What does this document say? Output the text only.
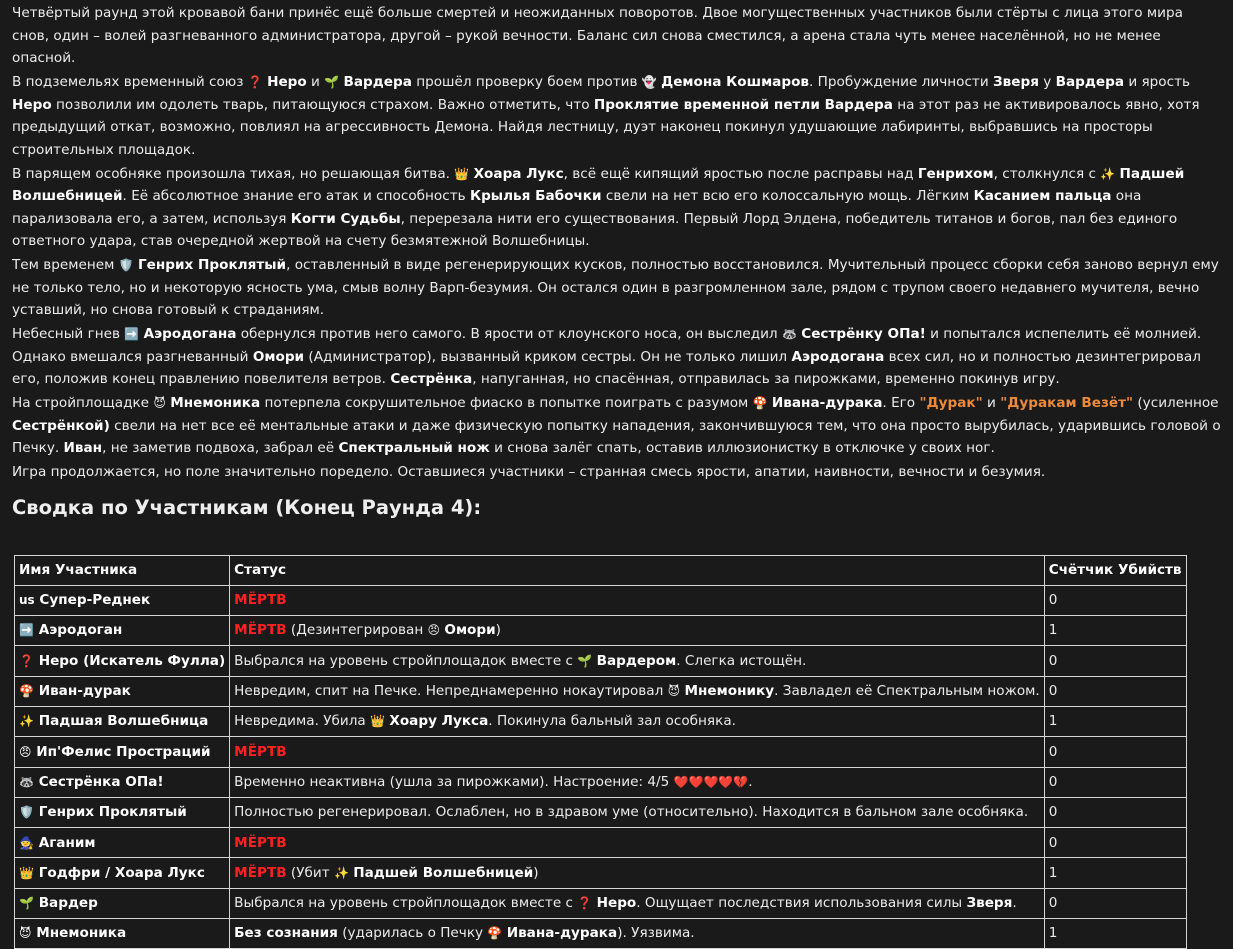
Четвёртый раунд этой кровавой бани принёс ещё больше смертей и неожиданных поворотов. Двое могущественных участников были стёрты с лица этого мира снов, один – волей разгневанного администратора, другой – рукой вечности. Баланс сил снова сместился, а арена стала чуть менее населённой, но не менее опасной.

В подземельях временный союз ❓ Неро и 🌱 Вардера прошёл проверку боем против 👻 Демона Кошмаров. Пробуждение личности Зверя у Вардера и ярость Неро позволили им одолеть тварь, питающуюся страхом. Важно отметить, что Проклятие временной петли Вардера на этот раз не активировалось явно, хотя предыдущий откат, возможно, повлиял на агрессивность Демона. Найдя лестницу, дуэт наконец покинул удушающие лабиринты, выбравшись на просторы строительных площадок.

В парящем особняке произошла тихая, но решающая битва. 👑 Хоара Лукс, всё ещё кипящий яростью после расправы над Генрихом, столкнулся с ✨ Падшей Волшебницей. Её абсолютное знание его атак и способность Крылья Бабочки свели на нет всю его колоссальную мощь. Лёгким Касанием пальца она парализовала его, а затем, используя Когти Судьбы, перерезала нити его существования. Первый Лорд Элдена, победитель титанов и богов, пал без единого ответного удара, став очередной жертвой на счету безмятежной Волшебницы.

Тем временем 🛡️ Генрих Проклятый, оставленный в виде регенерирующих кусков, полностью восстановился. Мучительный процесс сборки себя заново вернул ему не только тело, но и некоторую ясность ума, смыв волну Варп-безумия. Он остался один в разгромленном зале, рядом с трупом своего недавнего мучителя, вечно уставший, но снова готовый к страданиям.

Небесный гнев ➡️ Аэродогана обернулся против него самого. В ярости от клоунского носа, он выследил 🦝 Сестрёнку ОПа! и попытался испепелить её молнией. Однако вмешался разгневанный Омори (Администратор), вызванный криком сестры. Он не только лишил Аэродогана всех сил, но и полностью дезинтегрировал его, положив конец правлению повелителя ветров. Сестрёнка, напуганная, но спасённая, отправилась за пирожками, временно покинув игру.

На стройплощадке 😈 Мнемоника потерпела сокрушительное фиаско в попытке поиграть с разумом 🍄 Ивана-дурака. Его "Дурак" и "Дуракам Везёт" (усиленное Сестрёнкой) свели на нет все её ментальные атаки и даже физическую попытку нападения, закончившуюся тем, что она просто вырубилась, ударившись головой о Печку. Иван, не заметив подвоха, забрал её Спектральный нож и снова залёг спать, оставив иллюзионистку в отключке у своих ног.

Игра продолжается, но поле значительно поредело. Оставшиеся участники – странная смесь ярости, апатии, наивности, вечности и безумия.

Сводка по Участникам (Конец Раунда 4):
Имя Участника	Статус	Счётчик Убийств
us Супер-Реднек	МЁРТВ	0
➡️ Аэродоган	МЁРТВ (Дезинтегрирован 😠 Омори)	1
❓ Неро (Искатель Фулла)	Выбрался на уровень стройплощадок вместе с 🌱 Вардером. Слегка истощён.	0
🍄 Иван-дурак	Невредим, спит на Печке. Непреднамеренно нокаутировал 😈 Мнемонику. Завладел её Спектральным ножом.	0
✨ Падшая Волшебница	Невредима. Убила 👑 Хоару Лукса. Покинула бальный зал особняка.	1
😠 Ип'Фелис Простраций	МЁРТВ	0
🦝 Сестрёнка ОПа!	Временно неактивна (ушла за пирожками). Настроение: 4/5 ❤️❤️❤️❤️💔.	0
🛡️ Генрих Проклятый	Полностью регенерировал. Ослаблен, но в здравом уме (относительно). Находится в бальном зале особняка.	0
🧙 Аганим	МЁРТВ	0
👑 Годфри / Хоара Лукс	МЁРТВ (Убит ✨ Падшей Волшебницей)	1
🌱 Вардер	Выбрался на уровень стройплощадок вместе с ❓ Неро. Ощущает последствия использования силы Зверя.	0
😈 Мнемоника	Без сознания (ударилась о Печку 🍄 Ивана-дурака). Уязвима.	1
